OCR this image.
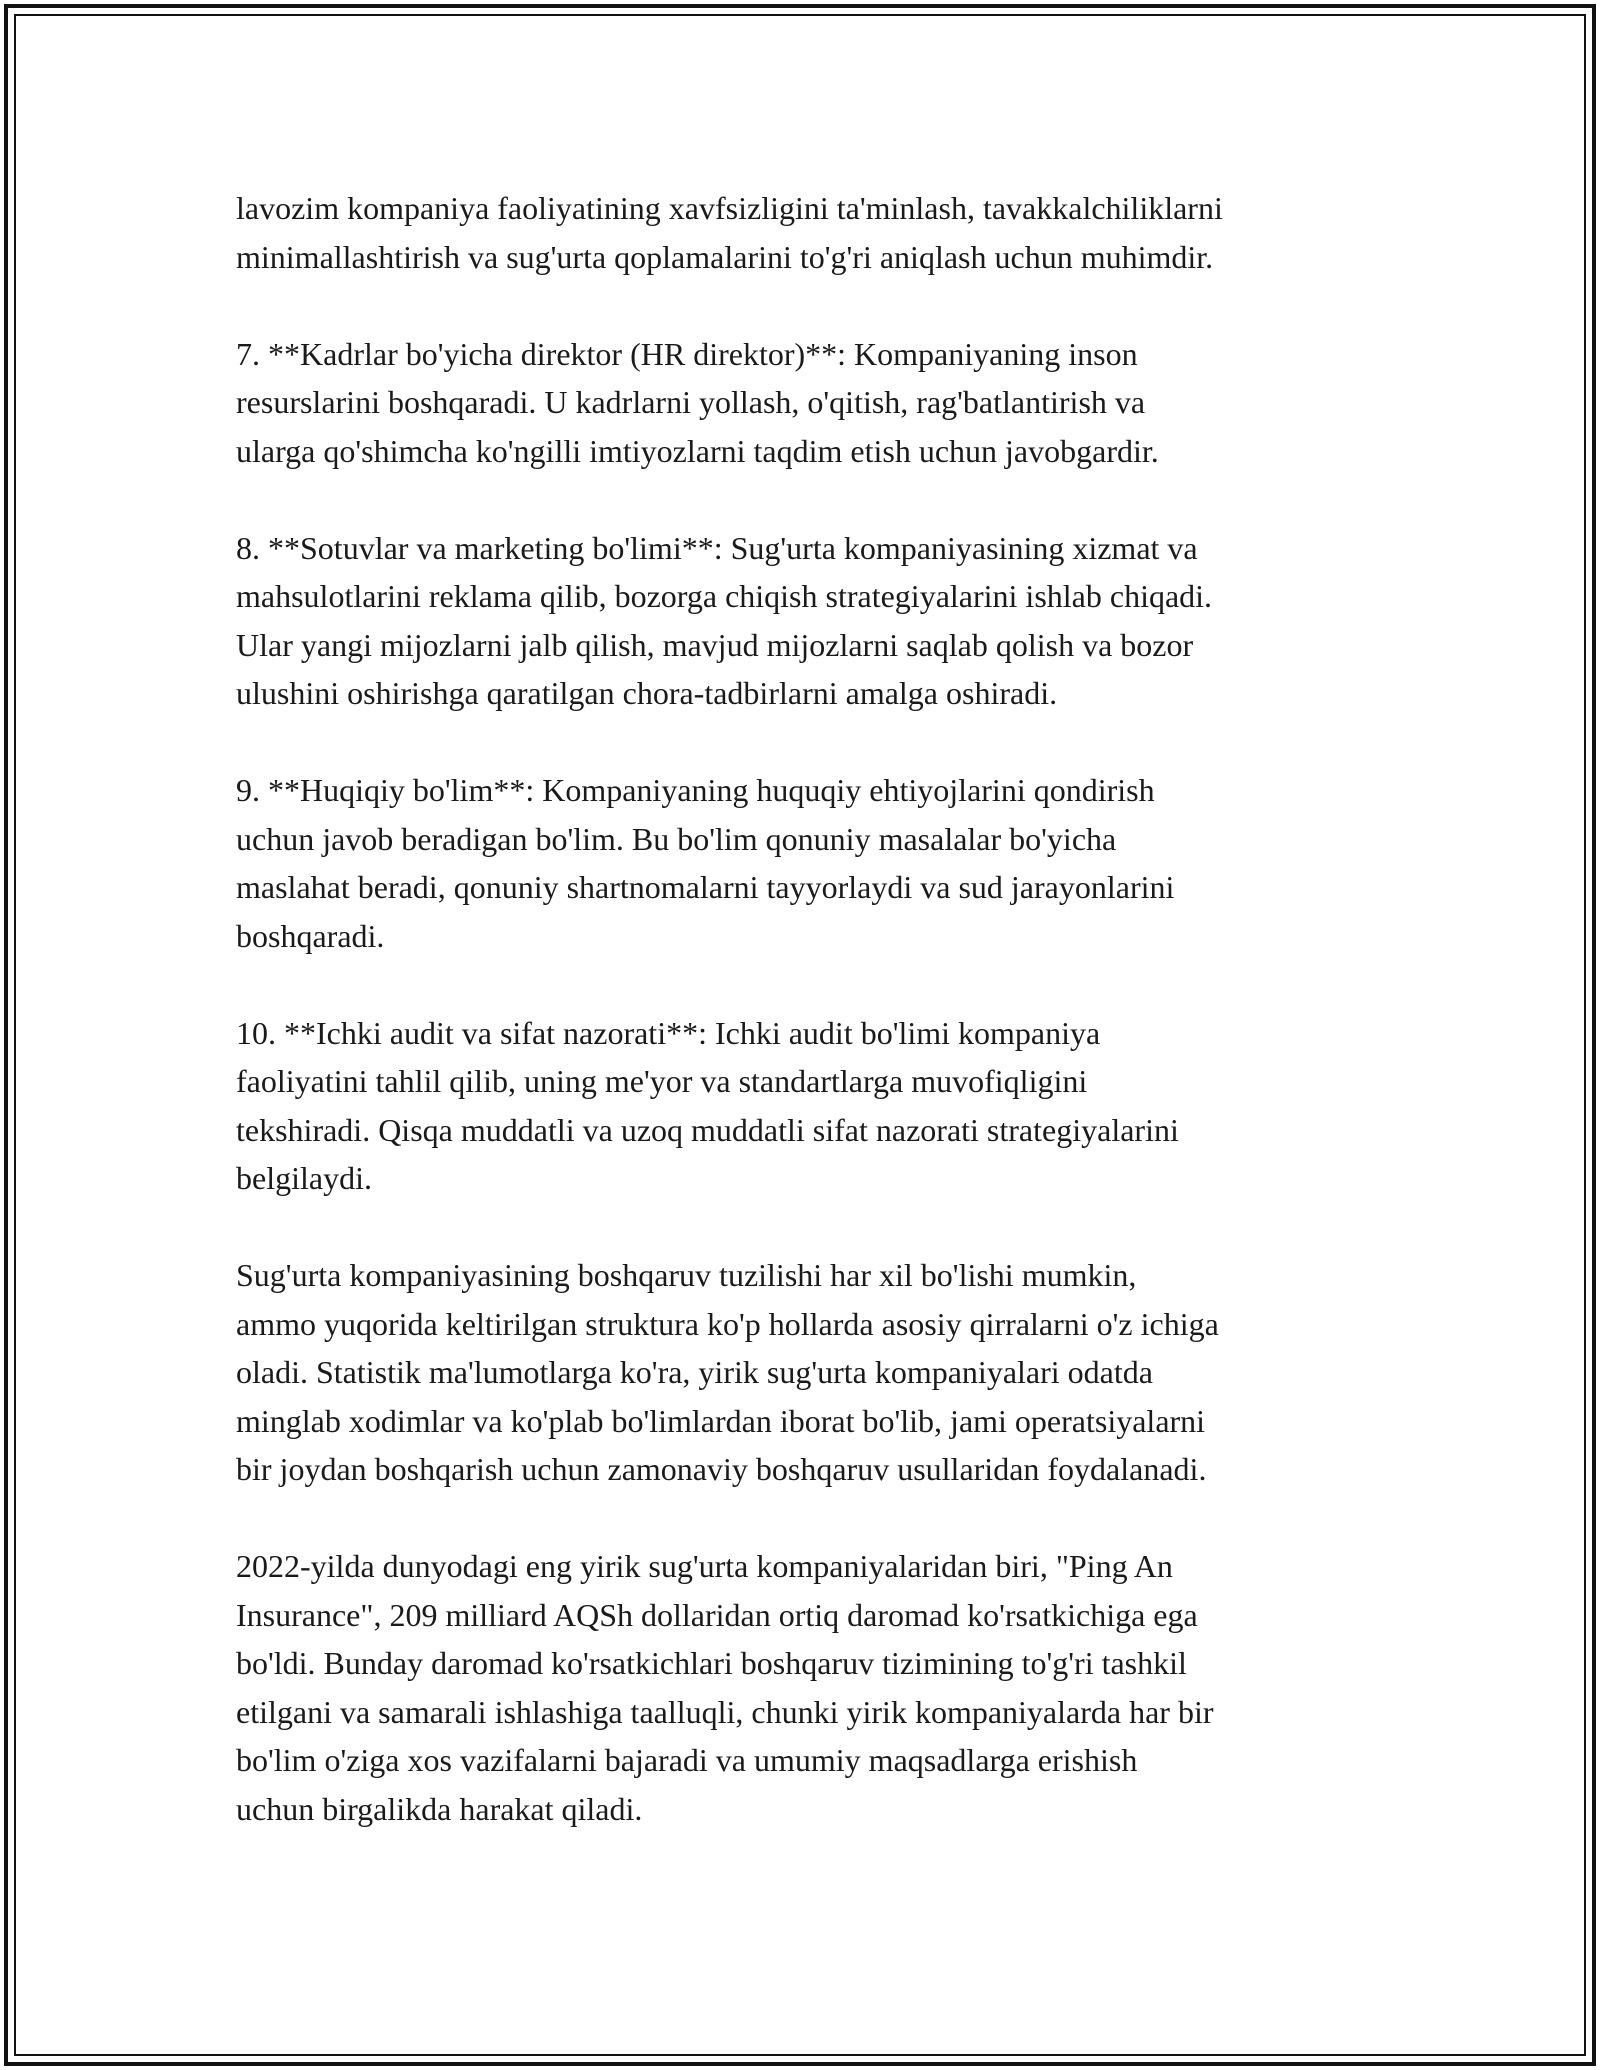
lavozim kompaniya faoliyatining xavfsizligini ta'minlash, tavakkalchiliklarni
minimallashtirish va sug'urta qoplamalarini to'g'ri aniqlash uchun muhimdir.

7. **Kadrlar bo'yicha direktor (HR direktor)**: Kompaniyaning inson
resurslarini boshqaradi. U kadrlarni yollash, o'qitish, rag'batlantirish va
ularga qo'shimcha ko'ngilli imtiyozlarni taqdim etish uchun javobgardir.

8. **Sotuvlar va marketing bo'limi**: Sug'urta kompaniyasining xizmat va
mahsulotlarini reklama qilib, bozorga chiqish strategiyalarini ishlab chiqadi.
Ular yangi mijozlarni jalb qilish, mavjud mijozlarni saqlab qolish va bozor
ulushini oshirishga qaratilgan chora-tadbirlarni amalga oshiradi.

9. **Huqiqiy bo'lim**: Kompaniyaning huquqiy ehtiyojlarini qondirish
uchun javob beradigan bo'lim. Bu bo'lim qonuniy masalalar bo'yicha
maslahat beradi, qonuniy shartnomalarni tayyorlaydi va sud jarayonlarini
boshqaradi.

10. **Ichki audit va sifat nazorati**: Ichki audit bo'limi kompaniya
faoliyatini tahlil qilib, uning me'yor va standartlarga muvofiqligini
tekshiradi. Qisqa muddatli va uzoq muddatli sifat nazorati strategiyalarini
belgilaydi.

Sug'urta kompaniyasining boshqaruv tuzilishi har xil bo'lishi mumkin,
ammo yuqorida keltirilgan struktura ko'p hollarda asosiy qirralarni o'z ichiga
oladi. Statistik ma'lumotlarga ko'ra, yirik sug'urta kompaniyalari odatda
minglab xodimlar va ko'plab bo'limlardan iborat bo'lib, jami operatsiyalarni
bir joydan boshqarish uchun zamonaviy boshqaruv usullaridan foydalanadi.

2022-yilda dunyodagi eng yirik sug'urta kompaniyalaridan biri, "Ping An
Insurance", 209 milliard AQSh dollaridan ortiq daromad ko'rsatkichiga ega
bo'ldi. Bunday daromad ko'rsatkichlari boshqaruv tizimining to'g'ri tashkil
etilgani va samarali ishlashiga taalluqli, chunki yirik kompaniyalarda har bir
bo'lim o'ziga xos vazifalarni bajaradi va umumiy maqsadlarga erishish
uchun birgalikda harakat qiladi.
